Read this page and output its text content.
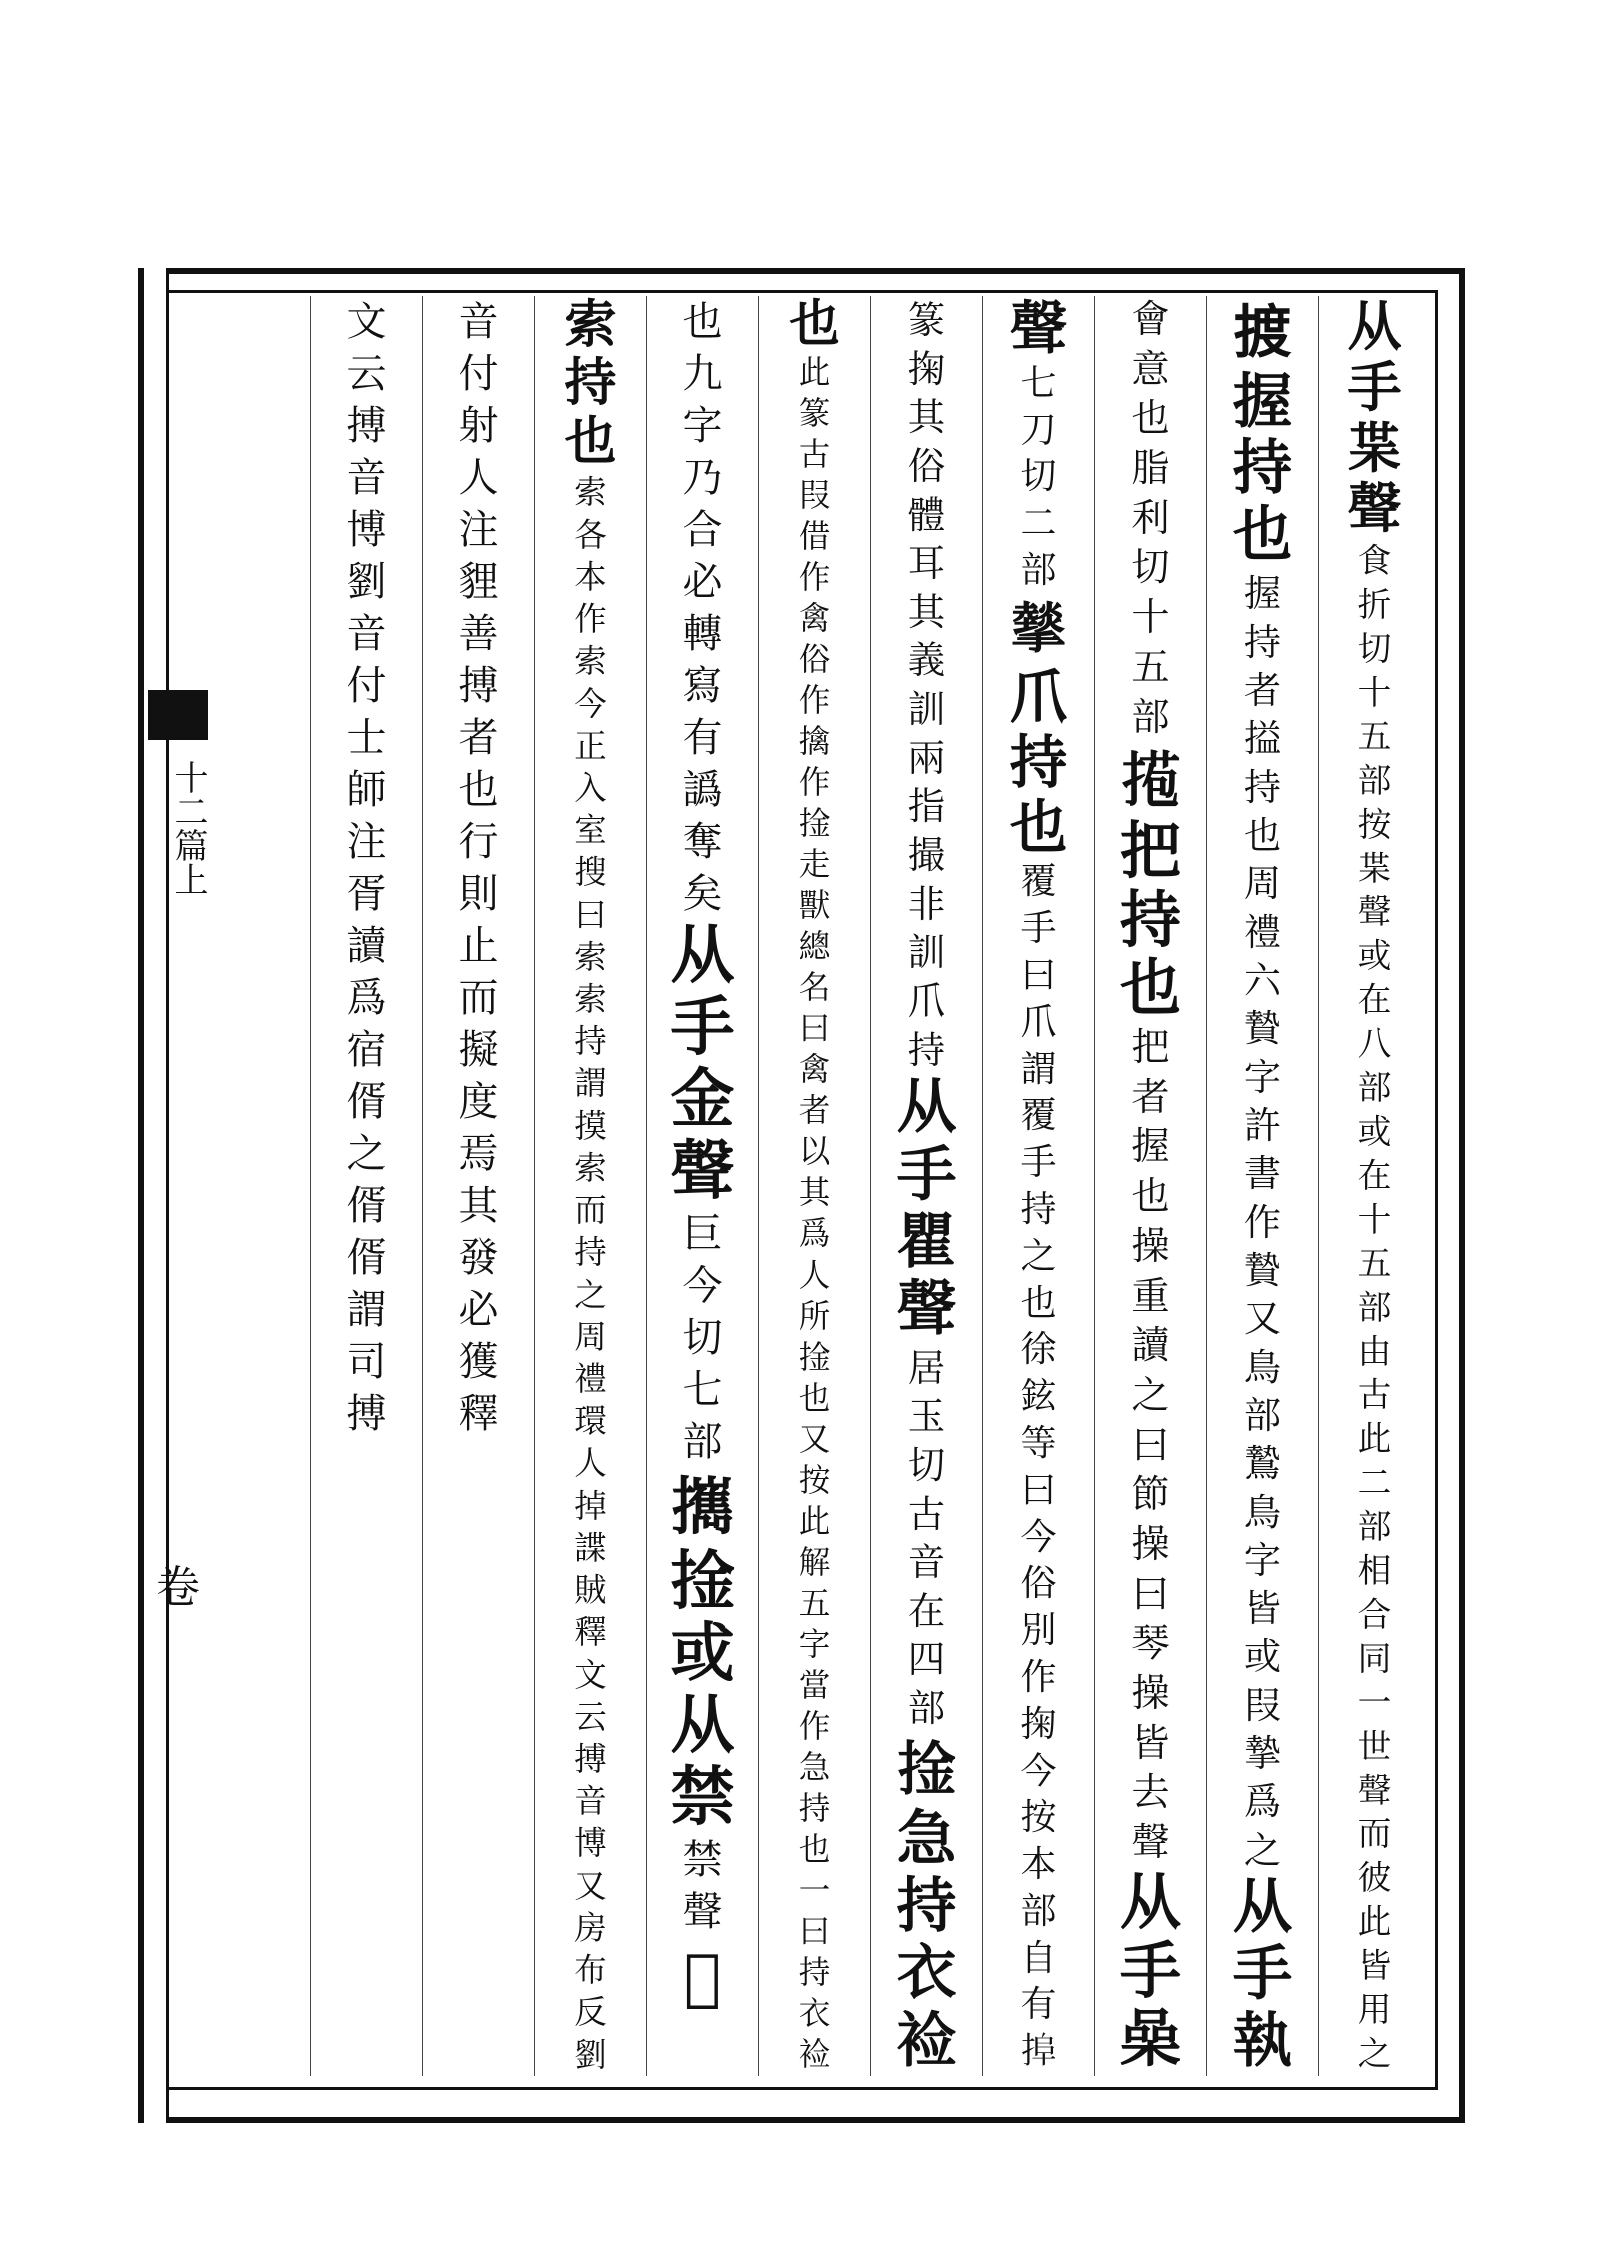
十二篇上
卷
从手枼聲
食折切十五部按枼聲或在八部或在十五部由古此二部相合同一世聲而彼此皆用之
𢱋
握持也
握持者搤持也周禮六贄字許書作贄又鳥部鷙鳥字皆或叚摯爲之
从手執
會意也脂利切十五部
𢯿
把持也
把者握也操重讀之曰節操曰琴操皆去聲
从手喿
聲
七刀切二部
𢸧
爪持也
覆手曰爪謂覆手持之也徐鉉等曰今俗別作掬今按本部自有𢮒
篆掬其俗體耳其義訓兩指撮非訓爪持
从手瞿聲
居玉切古音在四部
捦
急持衣裣
也
此篆古叚借作禽俗作擒作捦走獸總名曰禽者以其爲人所捦也又按此解五字當作急持也一曰持衣裣
也九字乃合必轉寫有譌奪矣
从手金聲
巨今切七部
𢹂
捦或从禁
禁聲
𢷊
索持也
索各本作索今正入室搜曰索索持謂摸索而持之周禮環人掉諜賊釋文云搏音博又房布反劉
音付射人注貍善搏者也行則止而擬度焉其發必獲釋
文云搏音博劉音付士師注胥讀爲宿偦之偦偦謂司搏
